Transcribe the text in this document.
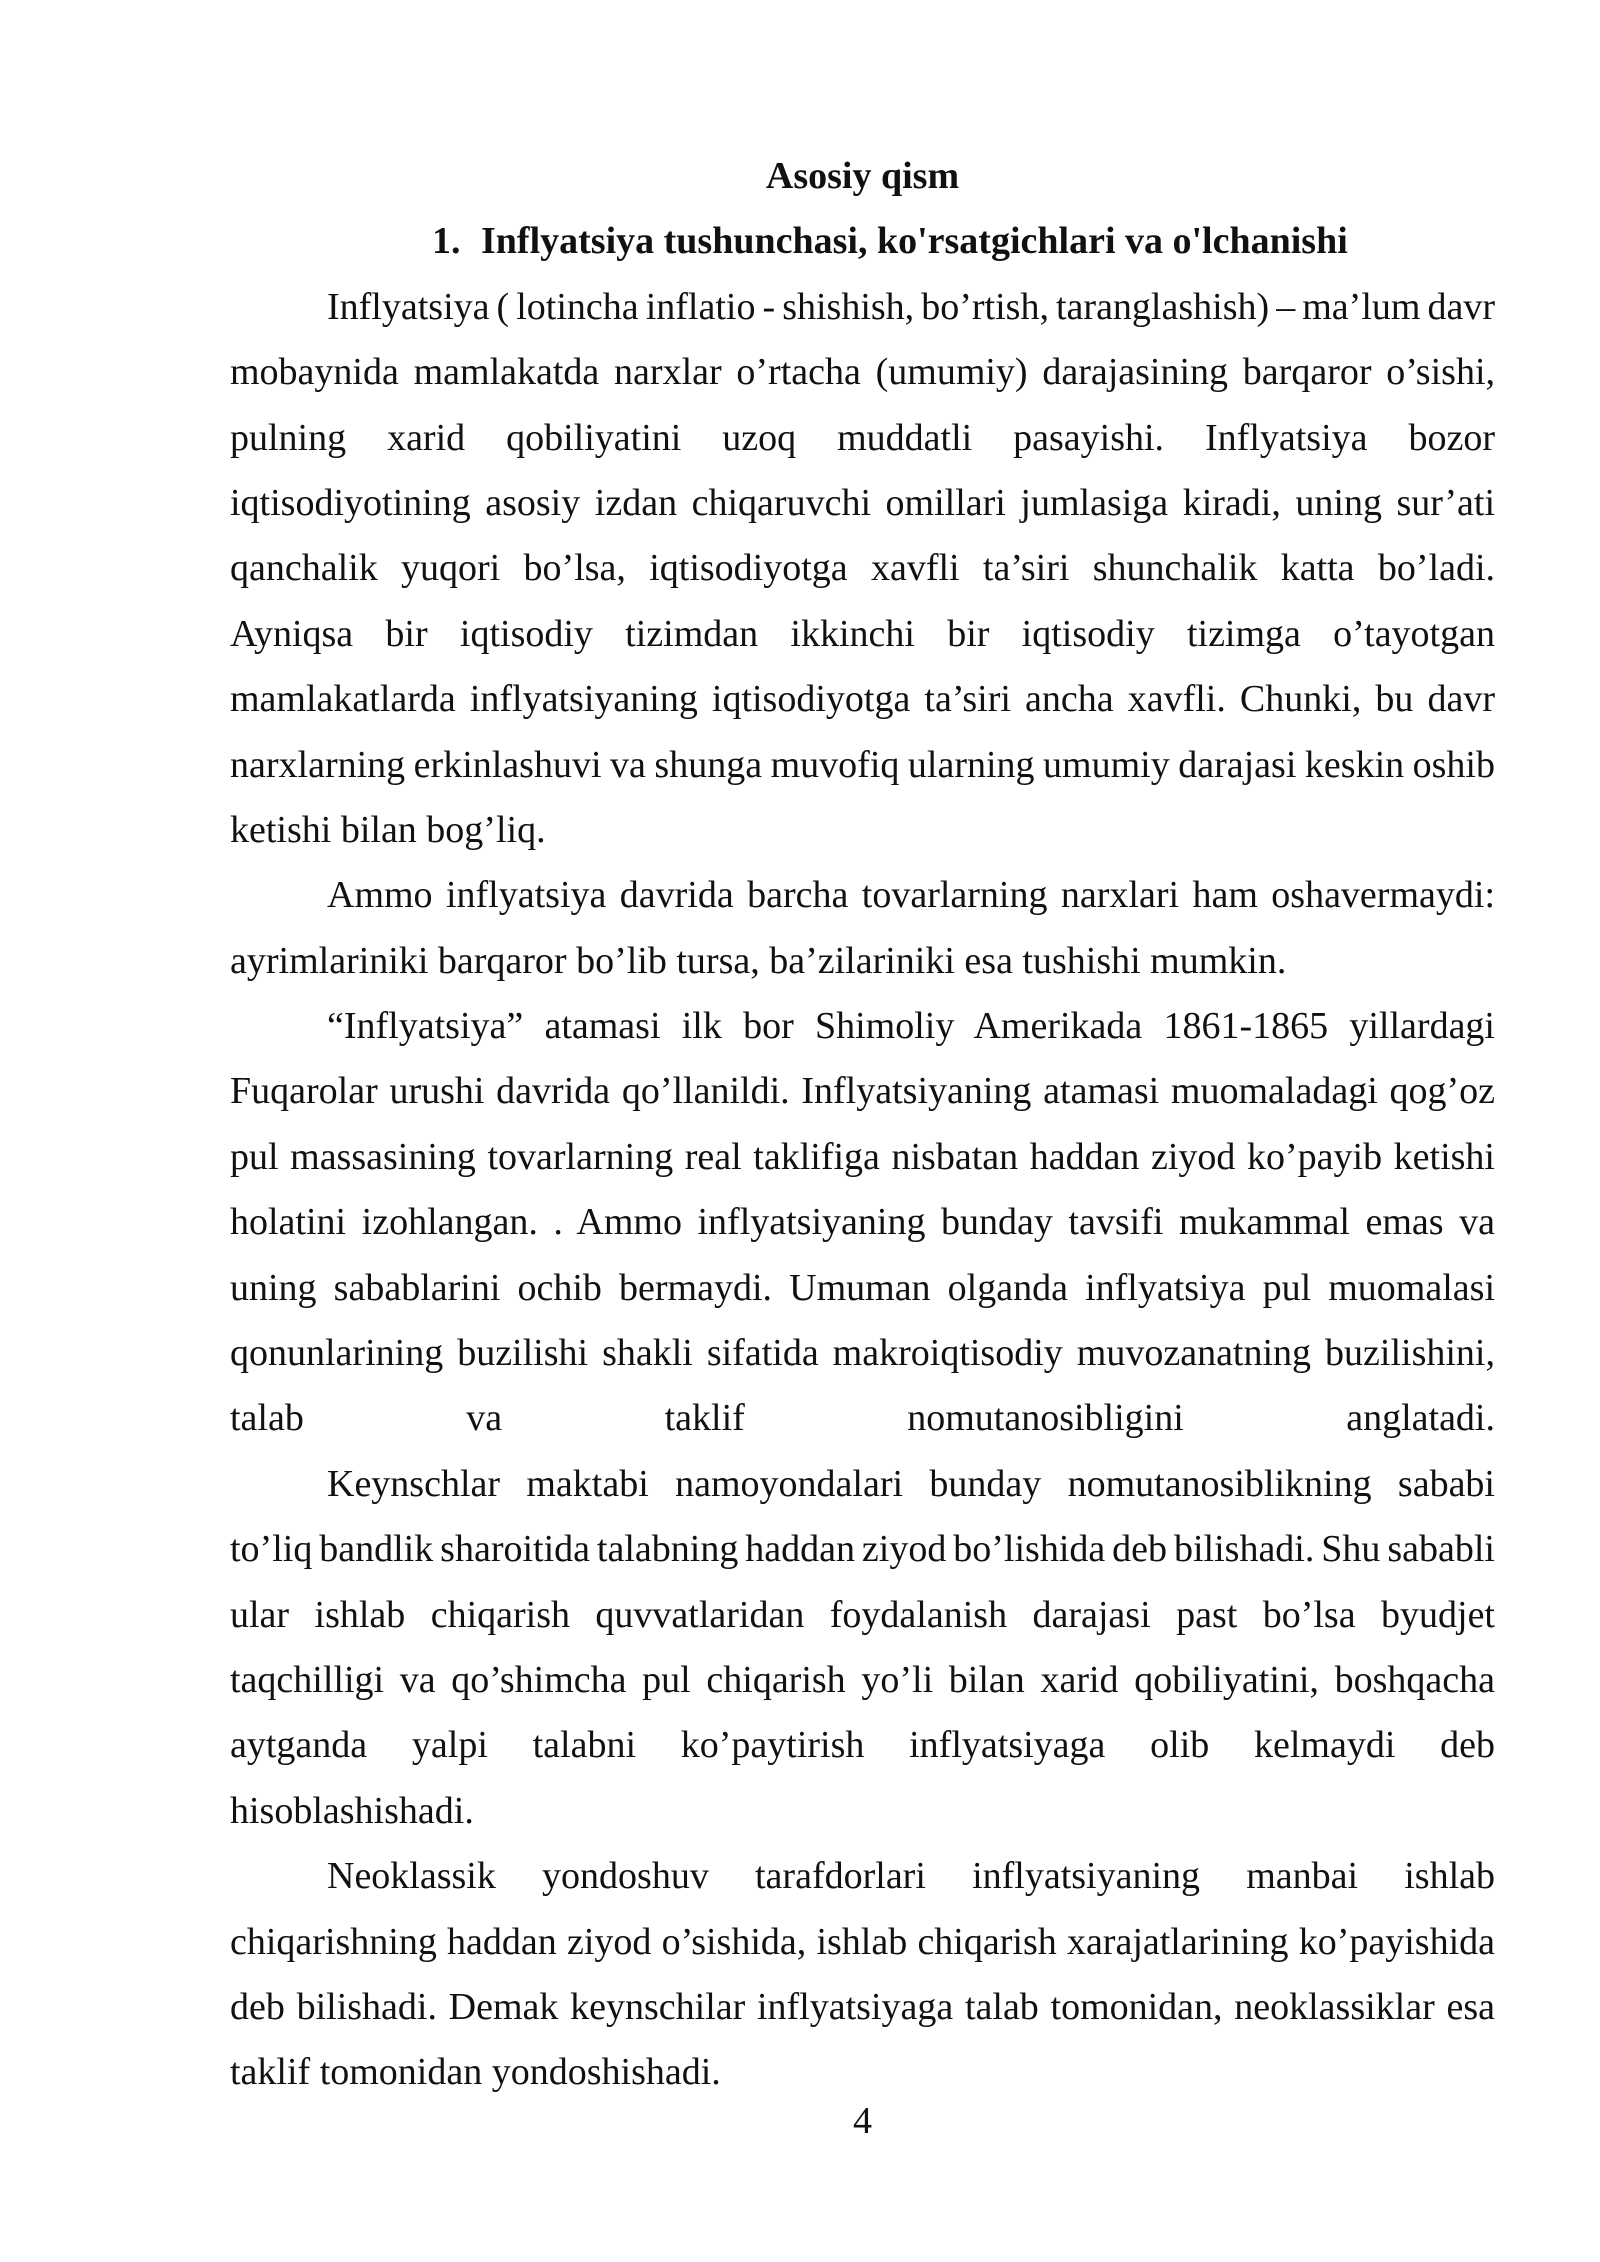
Asosiy qism
1. Inflyatsiya tushunchasi, ko'rsatgichlari va o'lchanishi
Inflyatsiya ( lotincha inflatio - shishish, bo’rtish, taranglashish) – ma’lum davr
mobaynida mamlakatda narxlar o’rtacha (umumiy) darajasining barqaror o’sishi,
pulning xarid qobiliyatini uzoq muddatli pasayishi. Inflyatsiya bozor
iqtisodiyotining asosiy izdan chiqaruvchi omillari jumlasiga kiradi, uning sur’ati
qanchalik yuqori bo’lsa, iqtisodiyotga xavfli ta’siri shunchalik katta bo’ladi.
Ayniqsa bir iqtisodiy tizimdan ikkinchi bir iqtisodiy tizimga o’tayotgan
mamlakatlarda inflyatsiyaning iqtisodiyotga ta’siri ancha xavfli. Chunki, bu davr
narxlarning erkinlashuvi va shunga muvofiq ularning umumiy darajasi keskin oshib
ketishi bilan bog’liq.
Ammo inflyatsiya davrida barcha tovarlarning narxlari ham oshavermaydi:
ayrimlariniki barqaror bo’lib tursa, ba’zilariniki esa tushishi mumkin.
“Inflyatsiya” atamasi ilk bor Shimoliy Amerikada 1861-1865 yillardagi
Fuqarolar urushi davrida qo’llanildi. Inflyatsiyaning atamasi muomaladagi qog’oz
pul massasining tovarlarning real taklifiga nisbatan haddan ziyod ko’payib ketishi
holatini izohlangan. . Ammo inflyatsiyaning bunday tavsifi mukammal emas va
uning sabablarini ochib bermaydi. Umuman olganda inflyatsiya pul muomalasi
qonunlarining buzilishi shakli sifatida makroiqtisodiy muvozanatning buzilishini,
talab va taklif nomutanosibligini anglatadi.
Keynschlar maktabi namoyondalari bunday nomutanosiblikning sababi
to’liq bandlik sharoitida talabning haddan ziyod bo’lishida deb bilishadi. Shu sababli
ular ishlab chiqarish quvvatlaridan foydalanish darajasi past bo’lsa byudjet
taqchilligi va qo’shimcha pul chiqarish yo’li bilan xarid qobiliyatini, boshqacha
aytganda yalpi talabni ko’paytirish inflyatsiyaga olib kelmaydi deb
hisoblashishadi.
Neoklassik yondoshuv tarafdorlari inflyatsiyaning manbai ishlab
chiqarishning haddan ziyod o’sishida, ishlab chiqarish xarajatlarining ko’payishida
deb bilishadi. Demak keynschilar inflyatsiyaga talab tomonidan, neoklassiklar esa
taklif tomonidan yondoshishadi.
4
